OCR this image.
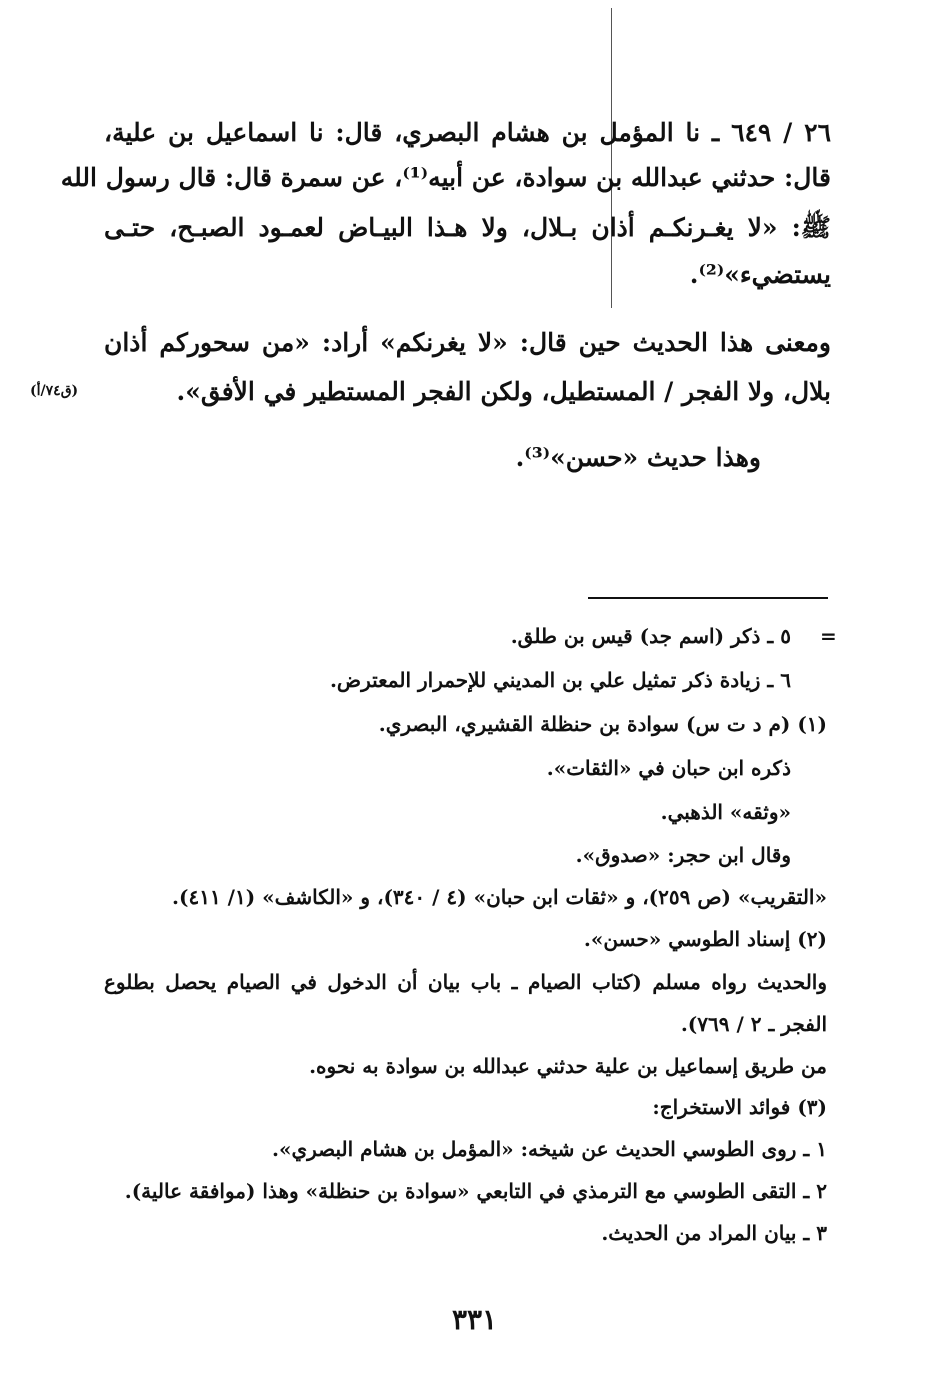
٢٦ / ٦٤٩ ـ نا المؤمل بن هشام البصري، قال: نا اسماعيل بن علية،
قال: حدثني عبدالله بن سوادة، عن أبيه⁽¹⁾، عن سمرة قال: قال رسول الله
ﷺ: «لا يغـرنكـم أذان بـلال، ولا هـذا البيـاض لعمـود الصبـح، حتـى
يستضيء»⁽²⁾.
ومعنى هذا الحديث حين قال: «لا يغرنكم» أراد: «من سحوركم أذان
بلال، ولا الفجر / المستطيل، ولكن الفجر المستطير في الأفق».
(ق٧٤/أ)
وهذا حديث «حسن»⁽³⁾.
=
٥ ـ ذكر (اسم جد) قيس بن طلق.
٦ ـ زيادة ذكر تمثيل علي بن المديني للإحمرار المعترض.
(١) (م د ت س) سوادة بن حنظلة القشيري، البصري.
ذكره ابن حبان في «الثقات».
«وثقه» الذهبي.
وقال ابن حجر: «صدوق».
«التقريب» (ص ٢٥٩)، و «ثقات ابن حبان» (٤ / ٣٤٠)، و «الكاشف» (١/ ٤١١).
(٢) إسناد الطوسي «حسن».
والحديث رواه مسلم (كتاب الصيام ـ باب بيان أن الدخول في الصيام يحصل بطلوع
الفجر ـ ٢ / ٧٦٩).
من طريق إسماعيل بن علية حدثني عبدالله بن سوادة به نحوه.
(٣) فوائد الاستخراج:
١ ـ روى الطوسي الحديث عن شيخه: «المؤمل بن هشام البصري».
٢ ـ التقى الطوسي مع الترمذي في التابعي «سوادة بن حنظلة» وهذا (موافقة عالية).
٣ ـ بيان المراد من الحديث.
٣٣١
